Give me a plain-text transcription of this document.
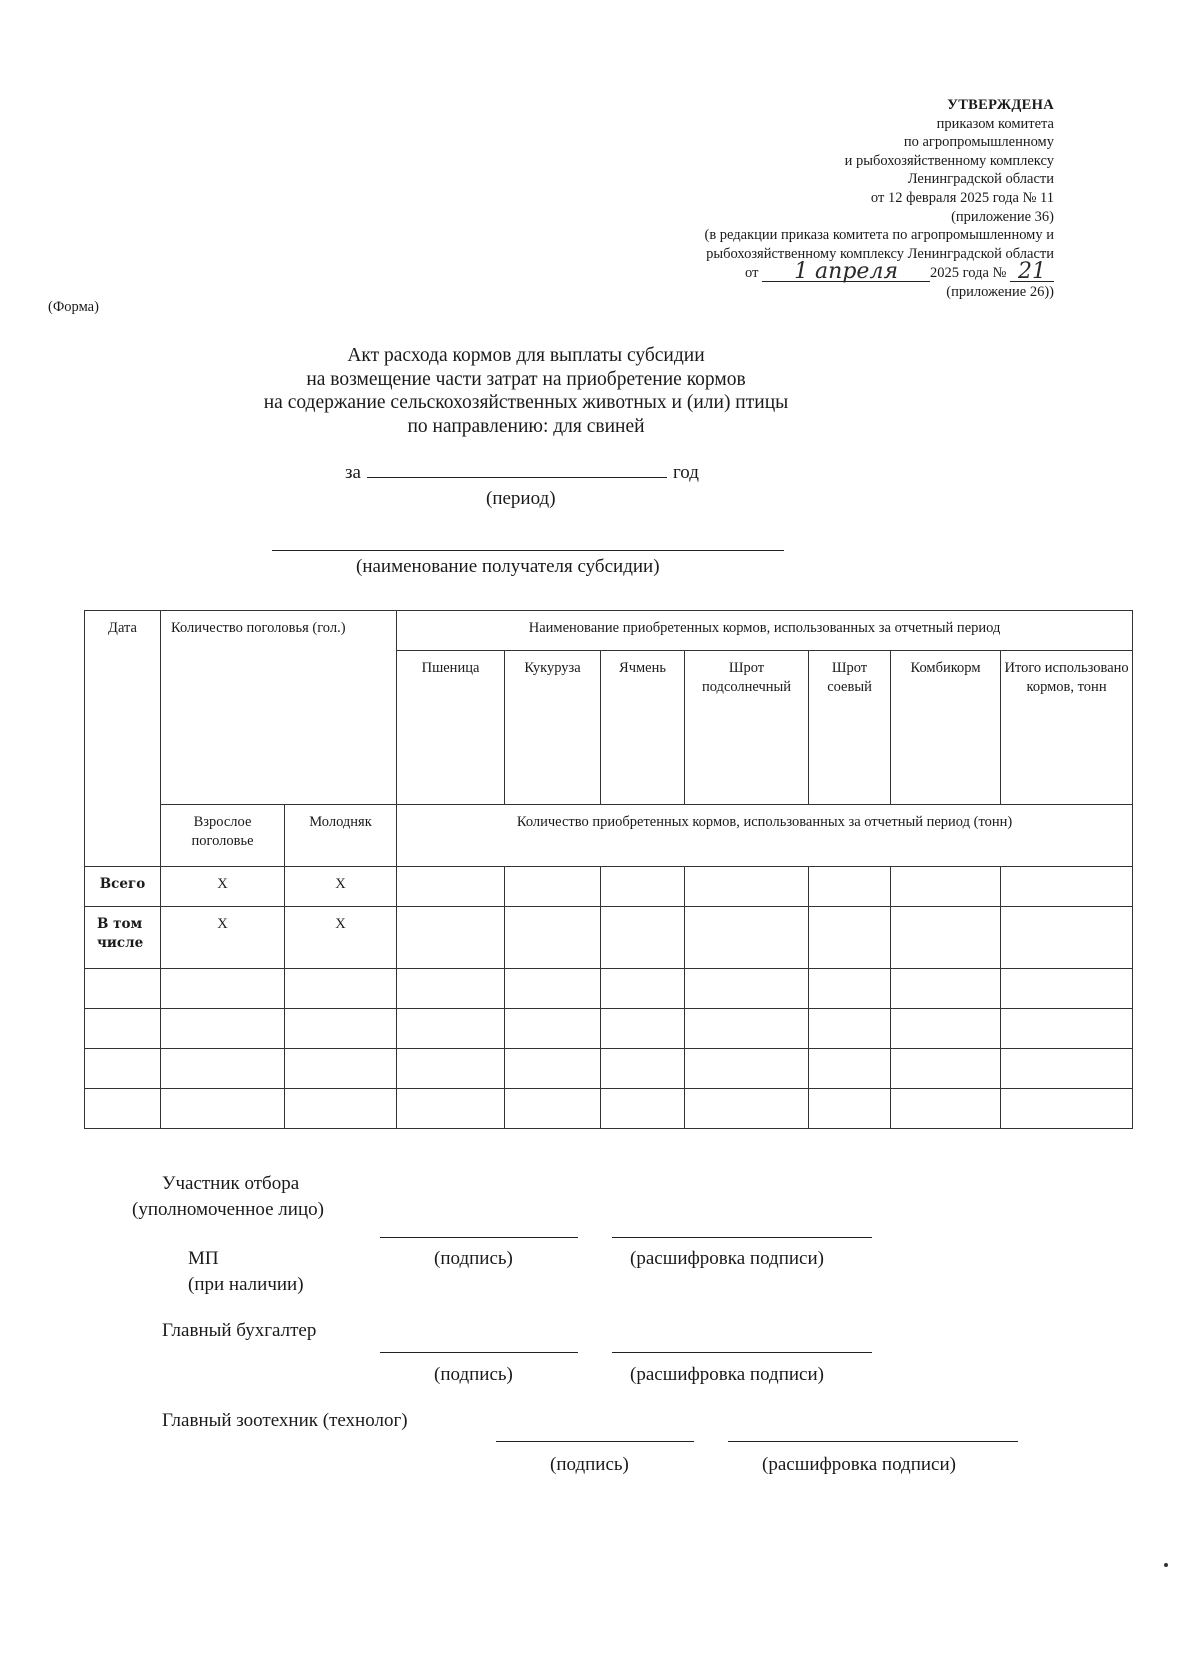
УТВЕРЖДЕНА
приказом комитета
по агропромышленному
и рыбохозяйственному комплексу
Ленинградской области
от 12 февраля 2025 года № 11
(приложение 36)
(в редакции приказа комитета по агропромышленному и
рыбохозяйственному комплексу Ленинградской области
от 1 апреля 2025 года № 21
(приложение 26))
(Форма)
Акт расхода кормов для выплаты субсидии
на возмещение части затрат на приобретение кормов
на содержание сельскохозяйственных животных и (или) птицы
по направлению: для свиней
за	год
(период)
(наименование получателя субсидии)
Дата	Количество поголовья (гол.)		Наименование приобретенных кормов, использованных за отчетный период						
			Пшеница	Кукуруза	Ячмень	Шрот подсолнечный	Шрот соевый	Комбикорм	Итого использовано кормов, тонн
	Взрослое поголовье	Молодняк	Количество приобретенных кормов, использованных за отчетный период (тонн)						
Всего	Х	Х							
В том числе	Х	Х							

Участник отбора
(уполномоченное лицо)
МП	(подпись)	(расшифровка подписи)
(при наличии)
Главный бухгалтер
(подпись)	(расшифровка подписи)
Главный зоотехник (технолог)
(подпись)	(расшифровка подписи)
